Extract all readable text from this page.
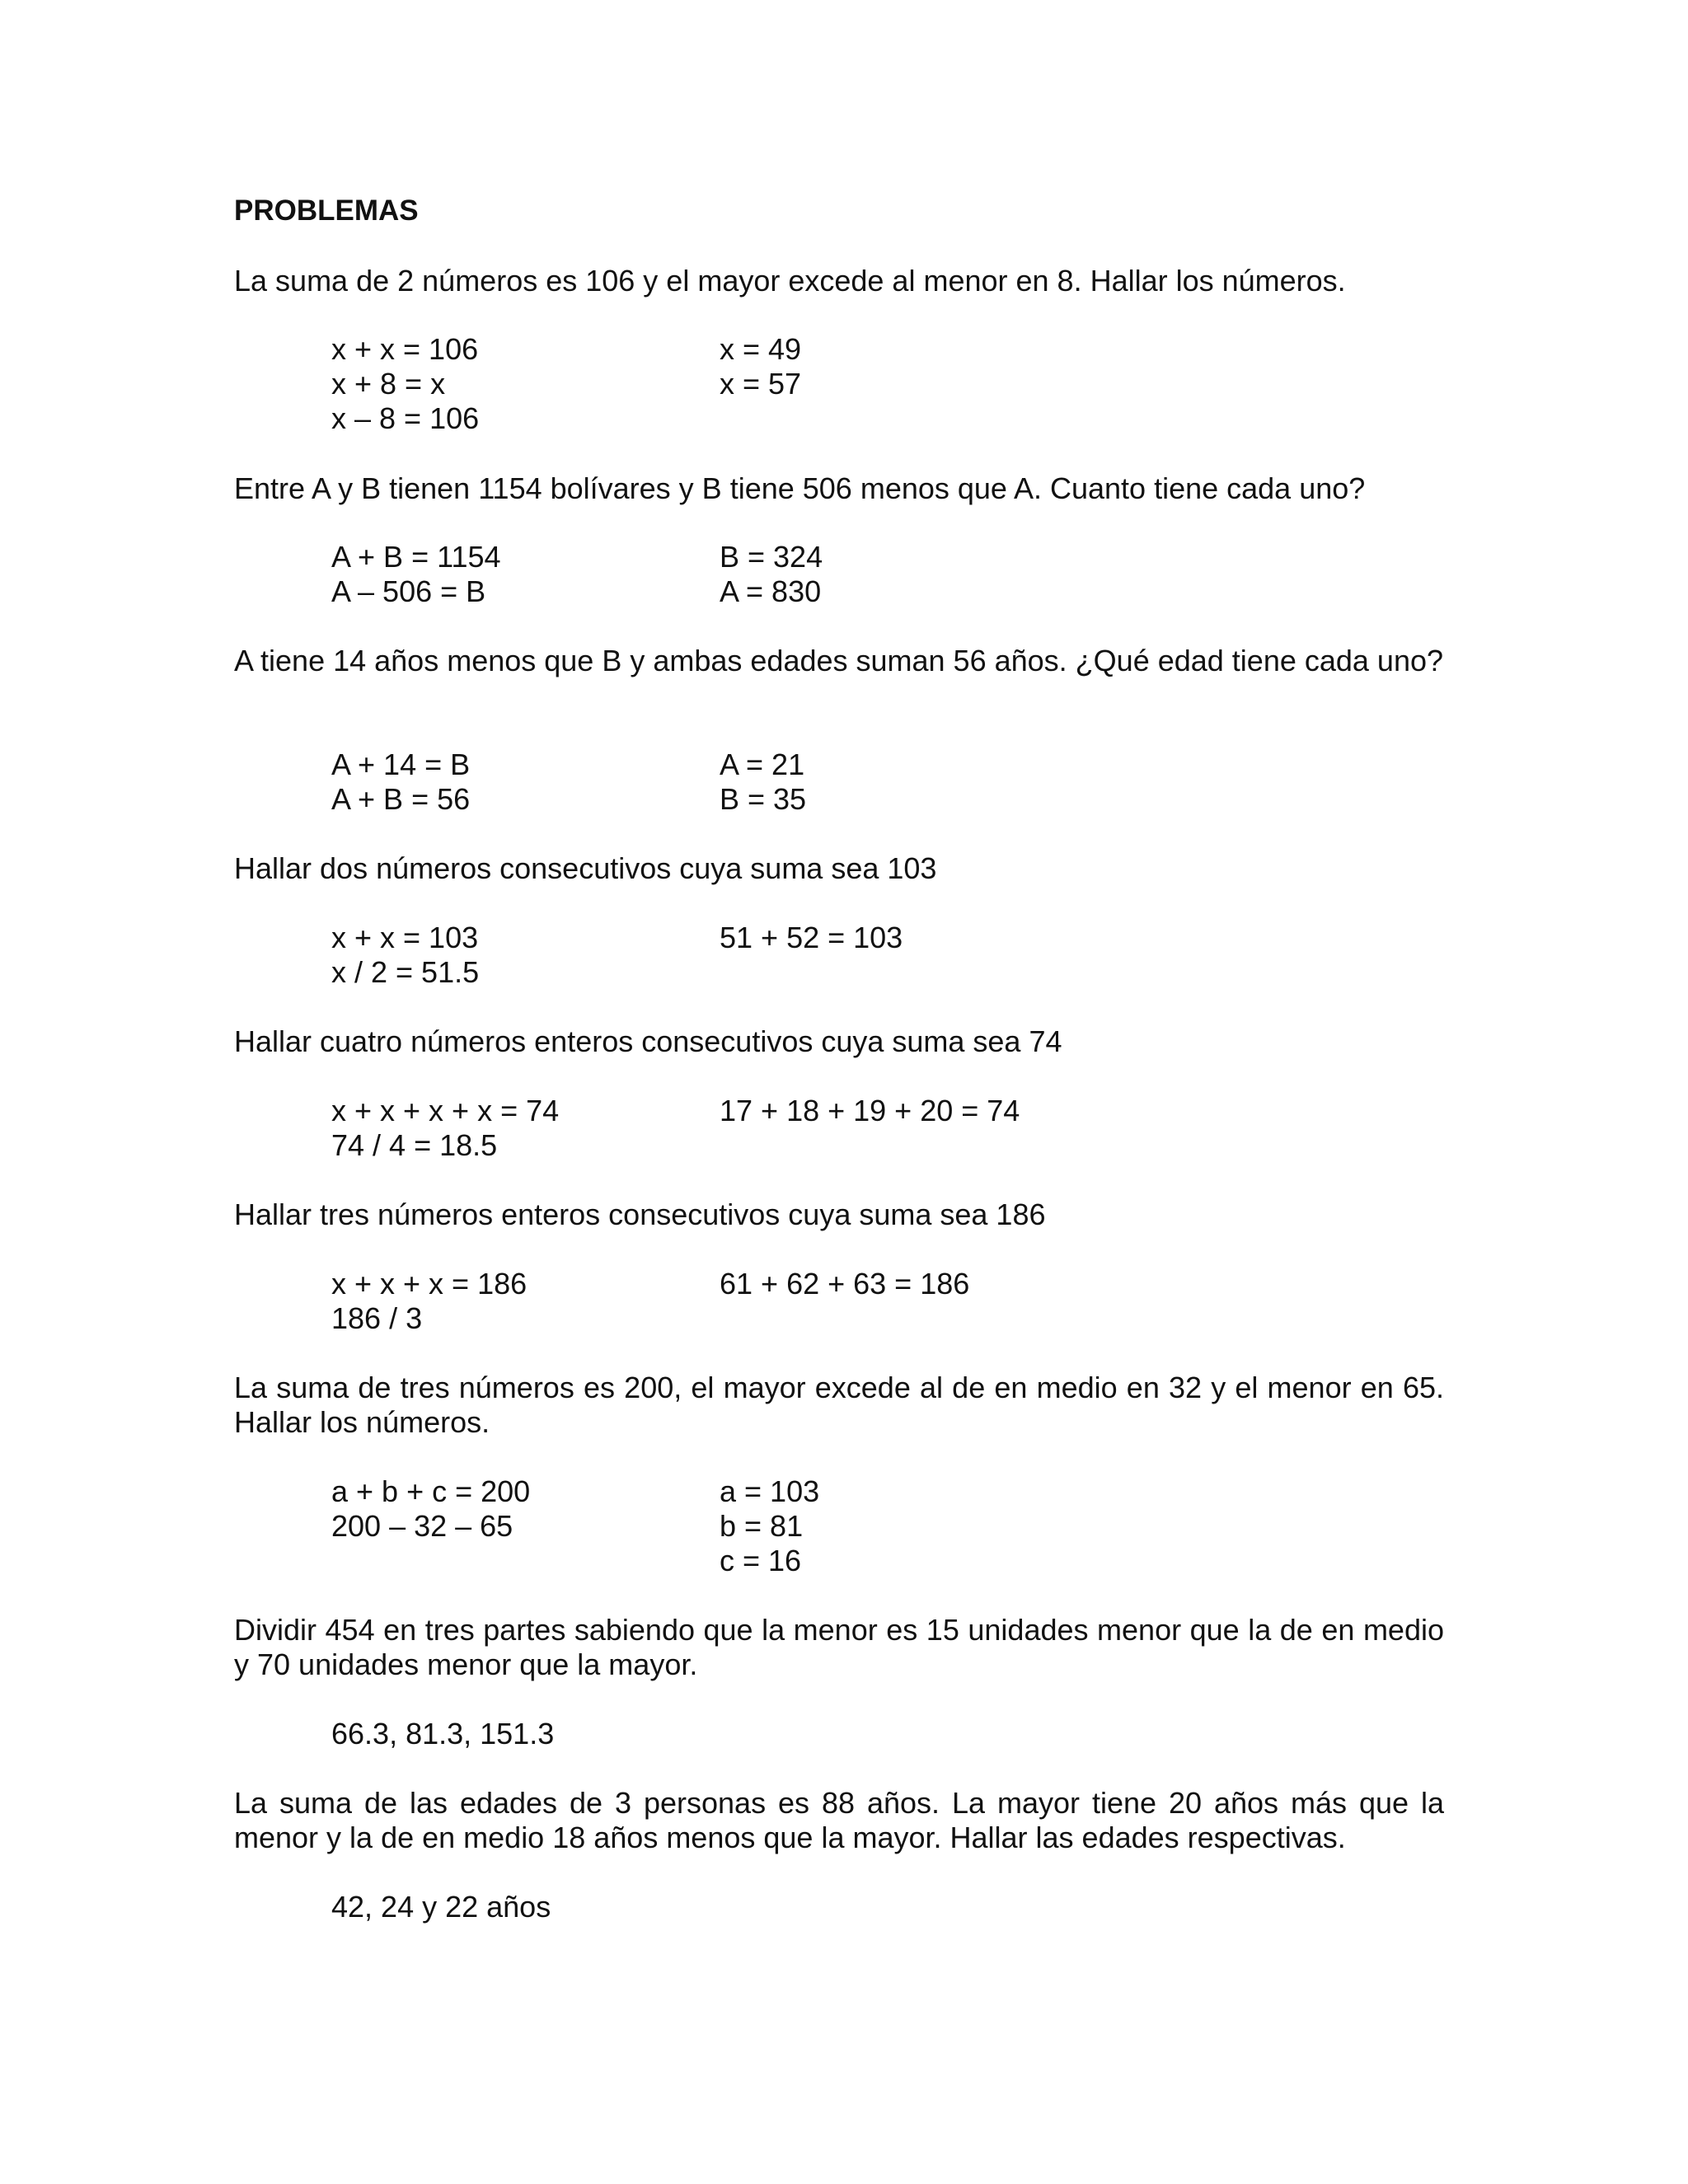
PROBLEMAS

La suma de 2 números es 106 y el mayor excede al menor en 8. Hallar los números.

x + x = 106
x + 8 = x
x – 8 = 106
x = 49
x = 57

Entre A y B tienen 1154 bolívares y B tiene 506 menos que A. Cuanto tiene cada uno?

A + B = 1154
A – 506 = B
B = 324
A = 830

A tiene 14 años menos que B y ambas edades suman 56 años. ¿Qué edad tiene cada uno?

A + 14 = B
A + B = 56
A = 21
B = 35

Hallar dos números consecutivos cuya suma sea 103

x + x = 103
x / 2 = 51.5
51 + 52 = 103

Hallar cuatro números enteros consecutivos cuya suma sea 74

x + x + x + x = 74
74 / 4 = 18.5
17 + 18 + 19 + 20 = 74

Hallar tres números enteros consecutivos cuya suma sea 186

x + x + x = 186
186 / 3
61 + 62 + 63 = 186

La suma de tres números es 200, el mayor excede al de en medio en 32 y el menor en 65. Hallar los números.

a + b + c = 200
200 – 32 – 65
a = 103
b = 81
c = 16

Dividir 454 en tres partes sabiendo que la menor es 15 unidades menor que la de en medio y 70 unidades menor que la mayor.

66.3, 81.3, 151.3

La suma de las edades de 3 personas es 88 años. La mayor tiene 20 años más que la menor y la de en medio 18 años menos que la mayor. Hallar las edades respectivas.

42, 24 y 22 años
